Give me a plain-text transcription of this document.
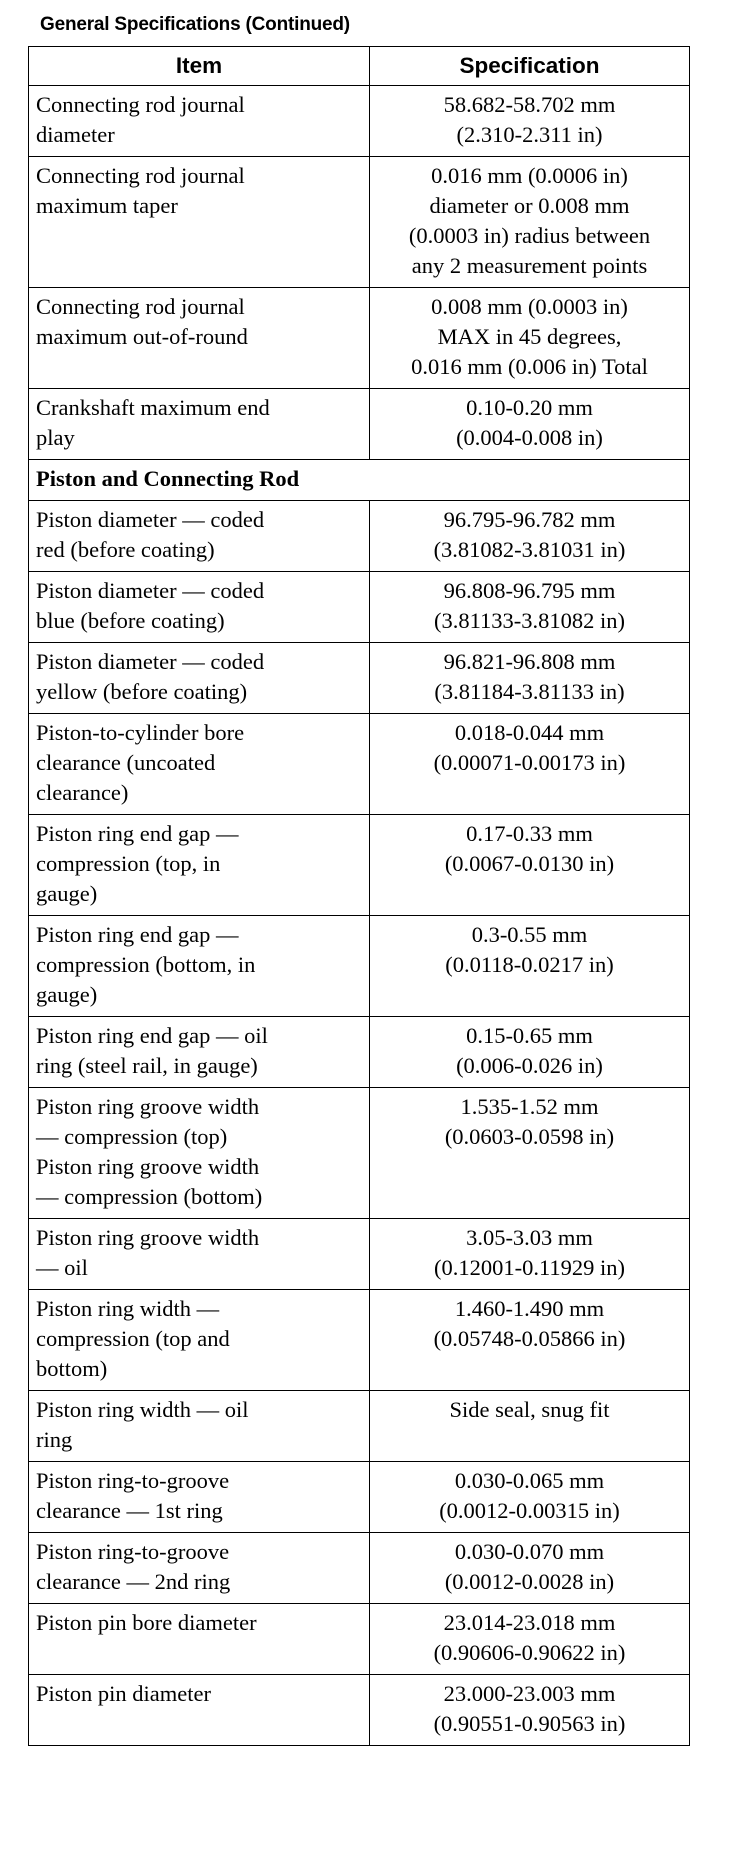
General Specifications (Continued)
Item	Specification

Connecting rod journal
diameter	58.682-58.702 mm
(2.310-2.311 in)

Connecting rod journal
maximum taper	0.016 mm (0.0006 in)
diameter or 0.008 mm
(0.0003 in) radius between
any 2 measurement points

Connecting rod journal
maximum out-of-round	0.008 mm (0.0003 in)
MAX in 45 degrees,
0.016 mm (0.006 in) Total

Crankshaft maximum end
play	0.10-0.20 mm
(0.004-0.008 in)

Piston and Connecting Rod	

Piston diameter — coded
red (before coating)	96.795-96.782 mm
(3.81082-3.81031 in)

Piston diameter — coded
blue (before coating)	96.808-96.795 mm
(3.81133-3.81082 in)

Piston diameter — coded
yellow (before coating)	96.821-96.808 mm
(3.81184-3.81133 in)

Piston-to-cylinder bore
clearance (uncoated
clearance)	0.018-0.044 mm
(0.00071-0.00173 in)

Piston ring end gap —
compression (top, in
gauge)	0.17-0.33 mm
(0.0067-0.0130 in)

Piston ring end gap —
compression (bottom, in
gauge)	0.3-0.55 mm
(0.0118-0.0217 in)

Piston ring end gap — oil
ring (steel rail, in gauge)	0.15-0.65 mm
(0.006-0.026 in)

Piston ring groove width
— compression (top)
Piston ring groove width
— compression (bottom)	1.535-1.52 mm
(0.0603-0.0598 in)

Piston ring groove width
— oil	3.05-3.03 mm
(0.12001-0.11929 in)

Piston ring width —
compression (top and
bottom)	1.460-1.490 mm
(0.05748-0.05866 in)

Piston ring width — oil
ring	Side seal, snug fit

Piston ring-to-groove
clearance — 1st ring	0.030-0.065 mm
(0.0012-0.00315 in)

Piston ring-to-groove
clearance — 2nd ring	0.030-0.070 mm
(0.0012-0.0028 in)

Piston pin bore diameter	23.014-23.018 mm
(0.90606-0.90622 in)

Piston pin diameter	23.000-23.003 mm
(0.90551-0.90563 in)
